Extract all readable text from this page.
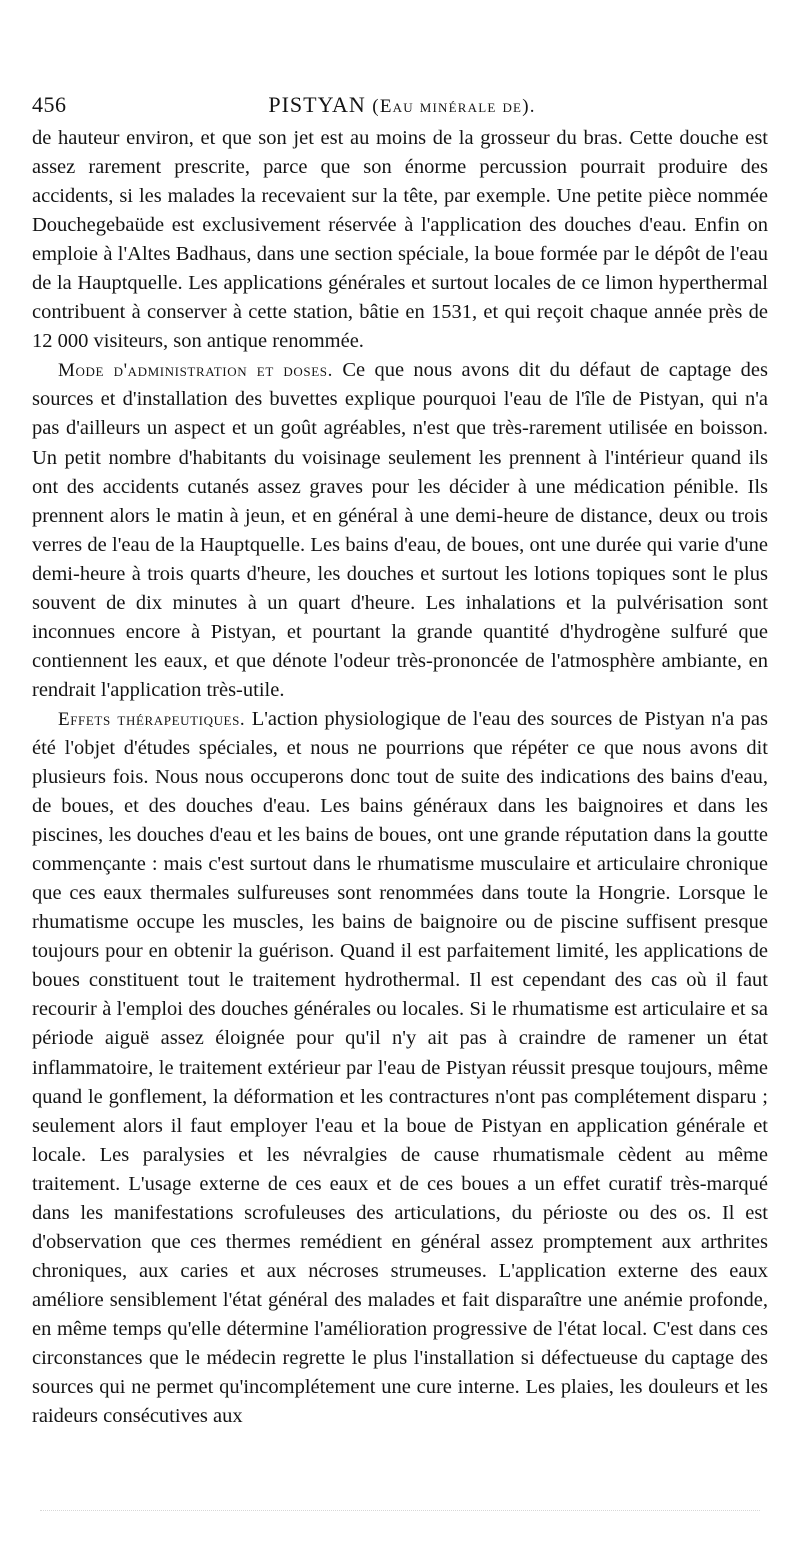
456	PISTYAN (Eau minérale de).

de hauteur environ, et que son jet est au moins de la grosseur du bras. Cette douche est assez rarement prescrite, parce que son énorme percussion pourrait produire des accidents, si les malades la recevaient sur la tête, par exemple. Une petite pièce nommée Douchegebaüde est exclusivement réservée à l'application des douches d'eau. Enfin on emploie à l'Altes Badhaus, dans une section spéciale, la boue formée par le dépôt de l'eau de la Hauptquelle. Les applications générales et surtout locales de ce limon hyperthermal contribuent à conserver à cette station, bâtie en 1531, et qui reçoit chaque année près de 12 000 visiteurs, son antique renommée.

Mode d'administration et doses. Ce que nous avons dit du défaut de captage des sources et d'installation des buvettes explique pourquoi l'eau de l'île de Pistyan, qui n'a pas d'ailleurs un aspect et un goût agréables, n'est que très-rarement utilisée en boisson. Un petit nombre d'habitants du voisinage seulement les prennent à l'intérieur quand ils ont des accidents cutanés assez graves pour les décider à une médication pénible. Ils prennent alors le matin à jeun, et en général à une demi-heure de distance, deux ou trois verres de l'eau de la Hauptquelle. Les bains d'eau, de boues, ont une durée qui varie d'une demi-heure à trois quarts d'heure, les douches et surtout les lotions topiques sont le plus souvent de dix minutes à un quart d'heure. Les inhalations et la pulvérisation sont inconnues encore à Pistyan, et pourtant la grande quantité d'hydrogène sulfuré que contiennent les eaux, et que dénote l'odeur très-prononcée de l'atmosphère ambiante, en rendrait l'application très-utile.

Effets thérapeutiques. L'action physiologique de l'eau des sources de Pistyan n'a pas été l'objet d'études spéciales, et nous ne pourrions que répéter ce que nous avons dit plusieurs fois. Nous nous occuperons donc tout de suite des indications des bains d'eau, de boues, et des douches d'eau. Les bains généraux dans les baignoires et dans les piscines, les douches d'eau et les bains de boues, ont une grande réputation dans la goutte commençante : mais c'est surtout dans le rhumatisme musculaire et articulaire chronique que ces eaux thermales sulfureuses sont renommées dans toute la Hongrie. Lorsque le rhumatisme occupe les muscles, les bains de baignoire ou de piscine suffisent presque toujours pour en obtenir la guérison. Quand il est parfaitement limité, les applications de boues constituent tout le traitement hydrothermal. Il est cependant des cas où il faut recourir à l'emploi des douches générales ou locales. Si le rhumatisme est articulaire et sa période aiguë assez éloignée pour qu'il n'y ait pas à craindre de ramener un état inflammatoire, le traitement extérieur par l'eau de Pistyan réussit presque toujours, même quand le gonflement, la déformation et les contractures n'ont pas complétement disparu ; seulement alors il faut employer l'eau et la boue de Pistyan en application générale et locale. Les paralysies et les névralgies de cause rhumatismale cèdent au même traitement. L'usage externe de ces eaux et de ces boues a un effet curatif très-marqué dans les manifestations scrofuleuses des articulations, du périoste ou des os. Il est d'observation que ces thermes remédient en général assez promptement aux arthrites chroniques, aux caries et aux nécroses strumeuses. L'application externe des eaux améliore sensiblement l'état général des malades et fait disparaître une anémie profonde, en même temps qu'elle détermine l'amélioration progressive de l'état local. C'est dans ces circonstances que le médecin regrette le plus l'installation si défectueuse du captage des sources qui ne permet qu'incomplétement une cure interne. Les plaies, les douleurs et les raideurs consécutives aux
